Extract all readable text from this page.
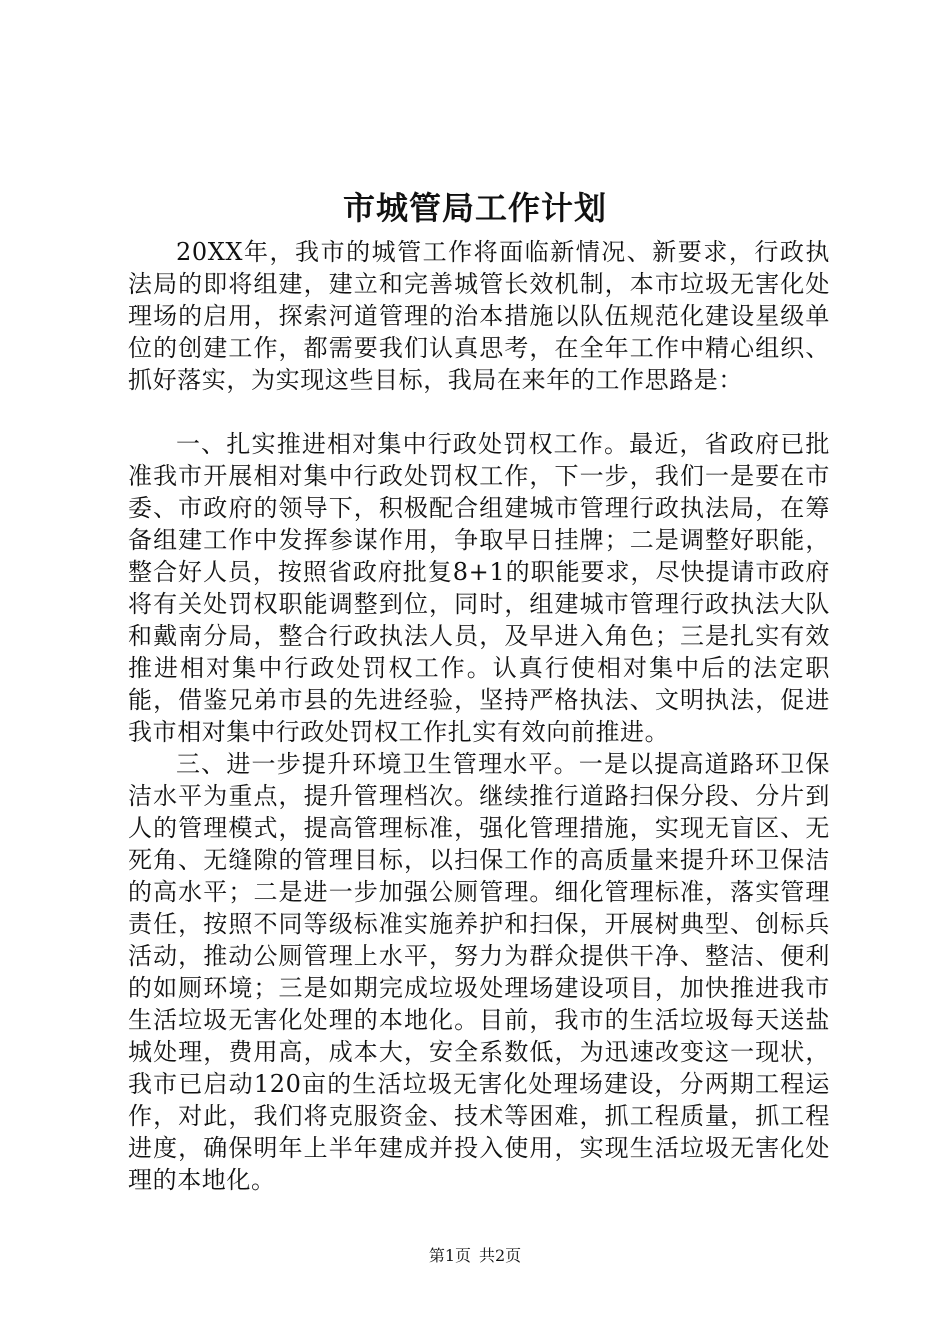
市城管局工作计划

20XX年，我市的城管工作将面临新情况、新要求，行政执法局的即将组建，建立和完善城管长效机制，本市垃圾无害化处理场的启用，探索河道管理的治本措施以队伍规范化建设星级单位的创建工作，都需要我们认真思考，在全年工作中精心组织、抓好落实，为实现这些目标，我局在来年的工作思路是：

一、扎实推进相对集中行政处罚权工作。最近，省政府已批准我市开展相对集中行政处罚权工作，下一步，我们一是要在市委、市政府的领导下，积极配合组建城市管理行政执法局，在筹备组建工作中发挥参谋作用，争取早日挂牌；二是调整好职能，整合好人员，按照省政府批复8+1的职能要求，尽快提请市政府将有关处罚权职能调整到位，同时，组建城市管理行政执法大队和戴南分局，整合行政执法人员，及早进入角色；三是扎实有效推进相对集中行政处罚权工作。认真行使相对集中后的法定职能，借鉴兄弟市县的先进经验，坚持严格执法、文明执法，促进我市相对集中行政处罚权工作扎实有效向前推进。

三、进一步提升环境卫生管理水平。一是以提高道路环卫保洁水平为重点，提升管理档次。继续推行道路扫保分段、分片到人的管理模式，提高管理标准，强化管理措施，实现无盲区、无死角、无缝隙的管理目标，以扫保工作的高质量来提升环卫保洁的高水平；二是进一步加强公厕管理。细化管理标准，落实管理责任，按照不同等级标准实施养护和扫保，开展树典型、创标兵活动，推动公厕管理上水平，努力为群众提供干净、整洁、便利的如厕环境；三是如期完成垃圾处理场建设项目，加快推进我市生活垃圾无害化处理的本地化。目前，我市的生活垃圾每天送盐城处理，费用高，成本大，安全系数低，为迅速改变这一现状，我市已启动120亩的生活垃圾无害化处理场建设，分两期工程运作，对此，我们将克服资金、技术等困难，抓工程质量，抓工程进度，确保明年上半年建成并投入使用，实现生活垃圾无害化处理的本地化。

第1页 共2页
